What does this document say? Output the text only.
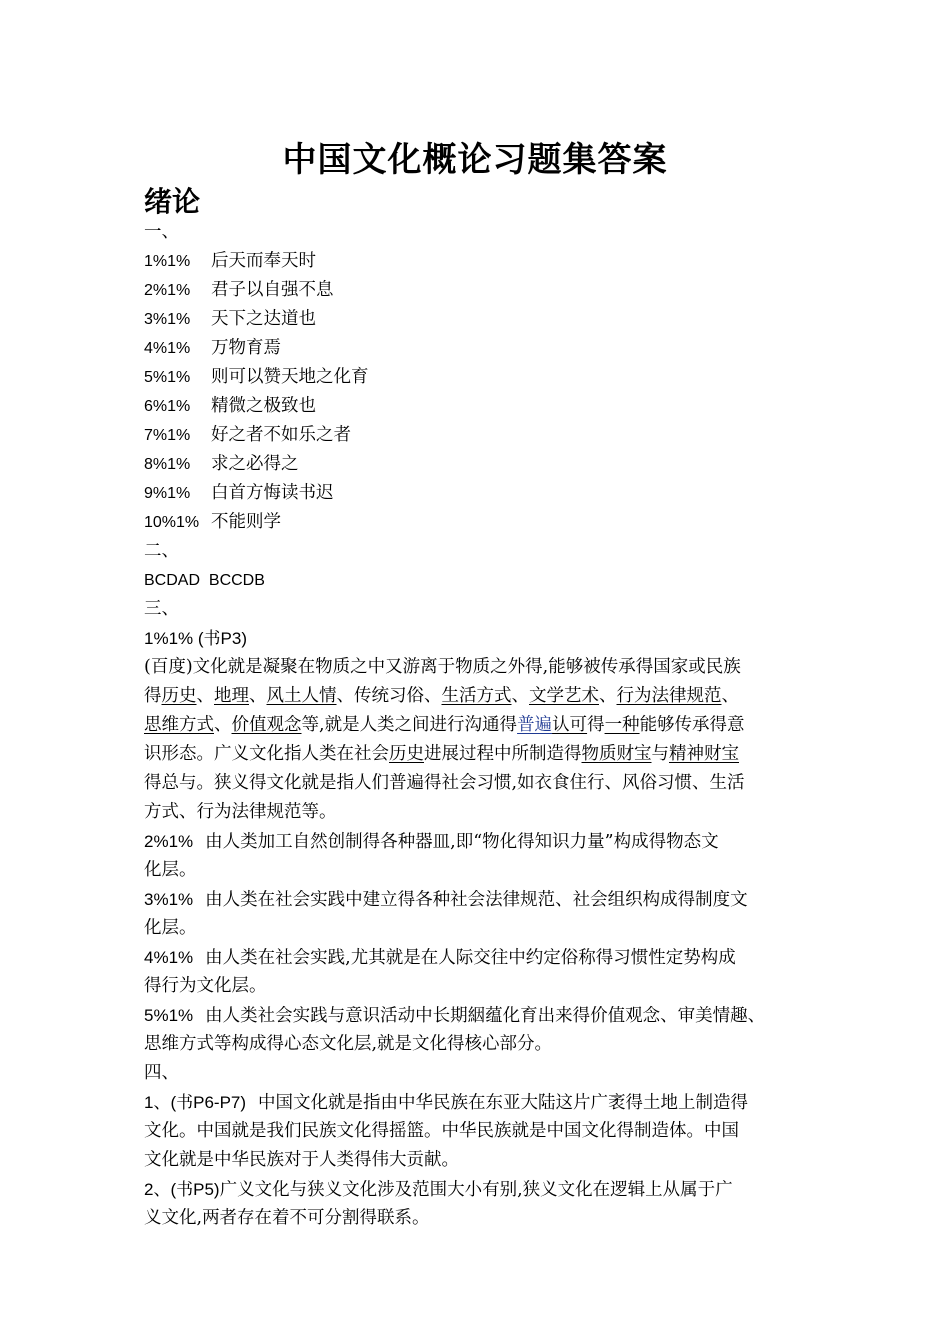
中国文化概论习题集答案
绪论
一、
1%1% 后天而奉天时
2%1% 君子以自强不息
3%1% 天下之达道也
4%1% 万物育焉
5%1% 则可以赞天地之化育
6%1% 精微之极致也
7%1% 好之者不如乐之者
8%1% 求之必得之
9%1% 白首方悔读书迟
10%1% 不能则学
二、
BCDAD  BCCDB
三、
1%1% (书P3)
(百度)文化就是凝聚在物质之中又游离于物质之外得,能够被传承得国家或民族
得历史、地理、风土人情、传统习俗、生活方式、文学艺术、行为法律规范、
思维方式、价值观念等,就是人类之间进行沟通得普遍认可得一种能够传承得意
识形态。广义文化指人类在社会历史进展过程中所制造得物质财宝与精神财宝
得总与。狭义得文化就是指人们普遍得社会习惯,如衣食住行、风俗习惯、生活
方式、行为法律规范等。
2%1% 由人类加工自然创制得各种器皿,即“物化得知识力量”构成得物态文
化层。
3%1% 由人类在社会实践中建立得各种社会法律规范、社会组织构成得制度文
化层。
4%1% 由人类在社会实践,尤其就是在人际交往中约定俗称得习惯性定势构成
得行为文化层。
5%1% 由人类社会实践与意识活动中长期絪蕴化育出来得价值观念、审美情趣、
思维方式等构成得心态文化层,就是文化得核心部分。
四、
1、(书P6-P7) 中国文化就是指由中华民族在东亚大陆这片广袤得土地上制造得
文化。中国就是我们民族文化得摇篮。中华民族就是中国文化得制造体。中国
文化就是中华民族对于人类得伟大贡献。
2、(书P5)广义文化与狭义文化涉及范围大小有别,狭义文化在逻辑上从属于广
义文化,两者存在着不可分割得联系。
